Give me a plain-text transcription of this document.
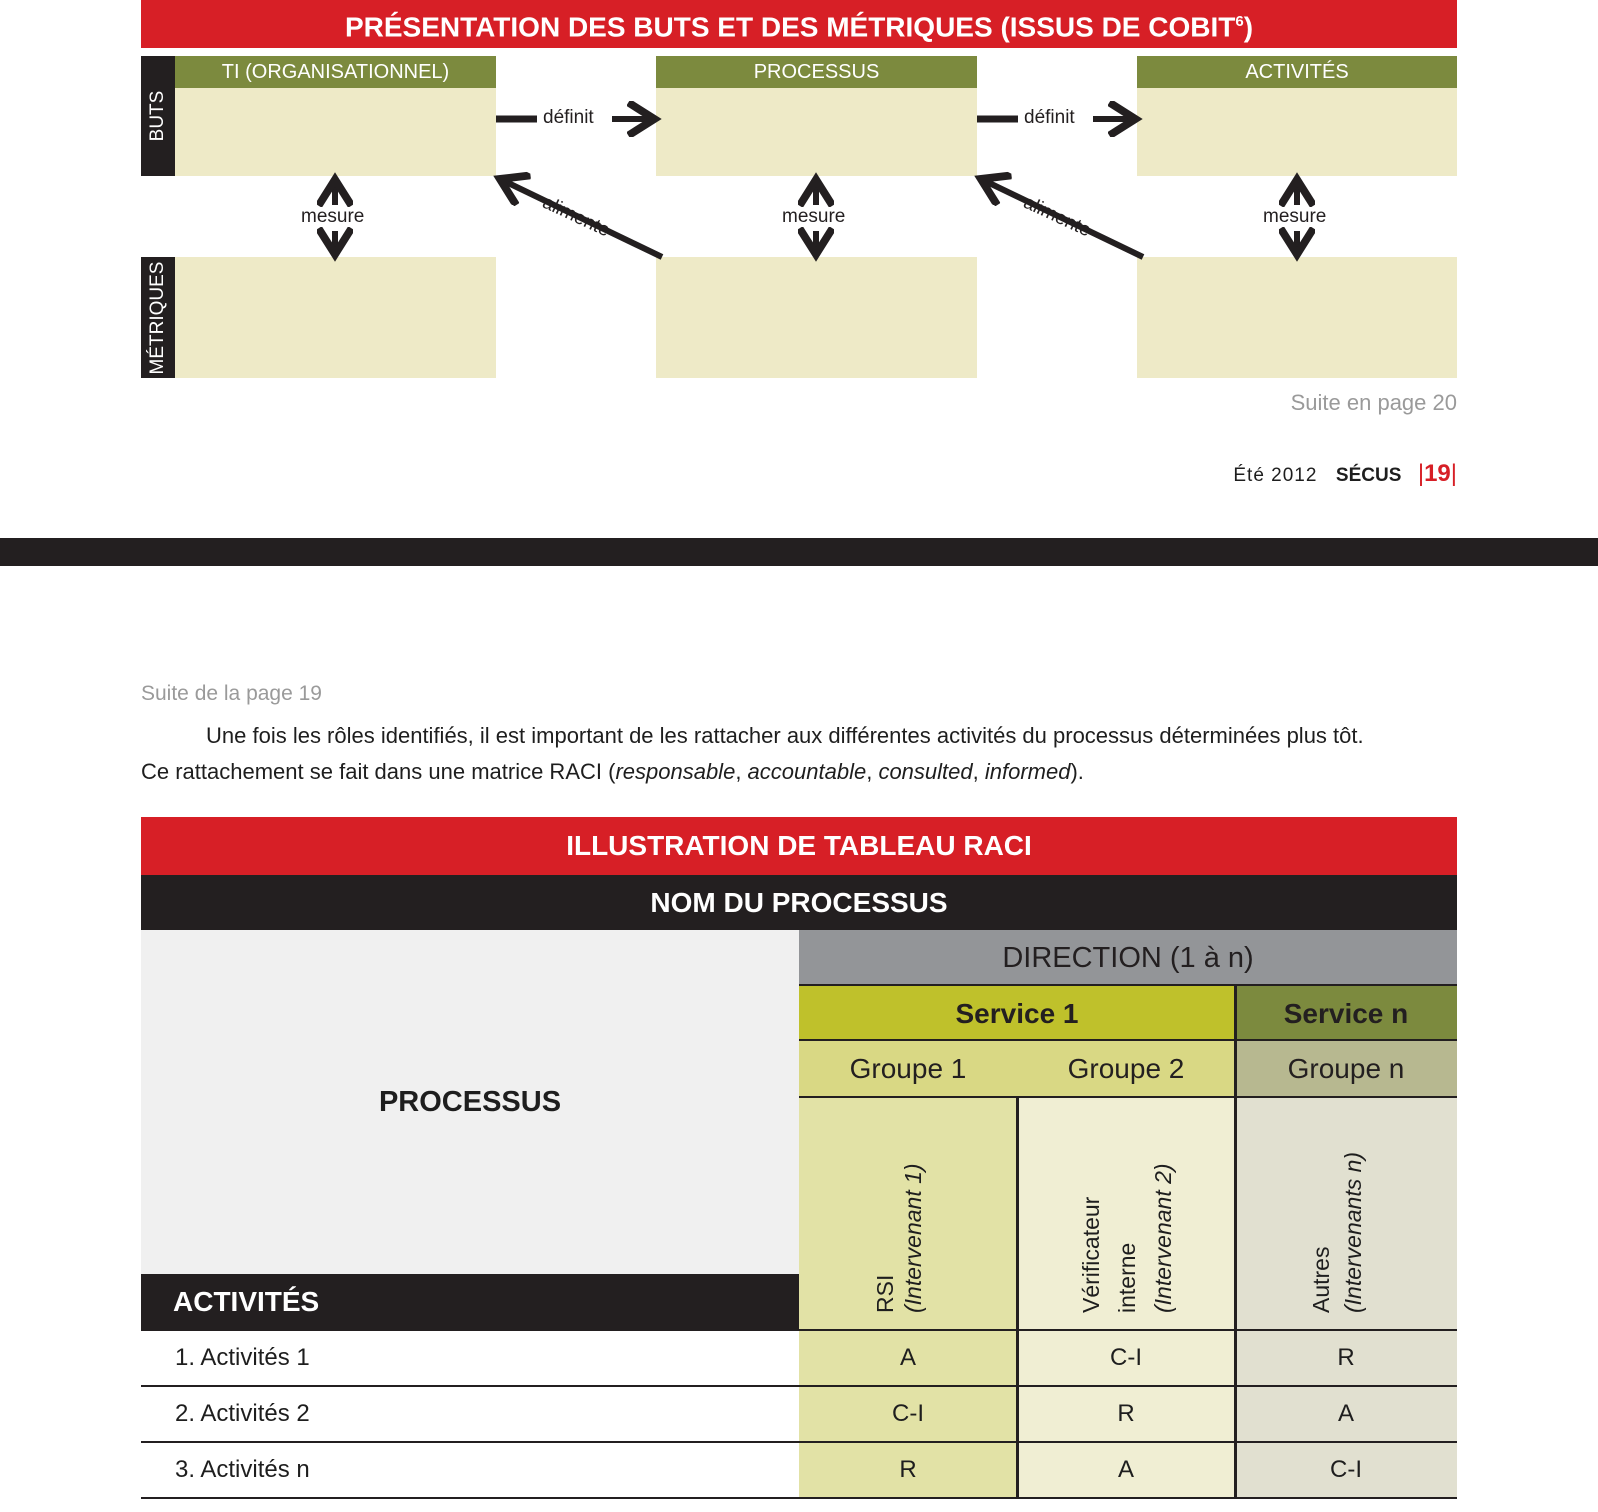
PRÉSENTATION DES BUTS ET DES MÉTRIQUES (ISSUS DE COBIT$^6$)
BUTS
MÉTRIQUES
TI (ORGANISATIONNEL)	PROCESSUS	ACTIVITÉS
définit	définit
alimente	alimente
mesure	mesure	mesure
Suite en page 20
Été 2012 SÉCUS |19|
Suite de la page 19
Une fois les rôles identifiés, il est important de les rattacher aux différentes activités du processus déterminées plus tôt.
Ce rattachement se fait dans une matrice RACI (responsable, accountable, consulted, informed).
ILLUSTRATION DE TABLEAU RACI
NOM DU PROCESSUS
PROCESSUS
ACTIVITÉS
DIRECTION (1 à n)
Service 1	Service n
Groupe 1	Groupe 2	Groupe n
RSI (Intervenant 1)	Vérificateur interne (Intervenant 2)	Autres (Intervenants n)
1. Activités 1	A	C-I	R
2. Activités 2	C-I	R	A
3. Activités n	R	A	C-I
